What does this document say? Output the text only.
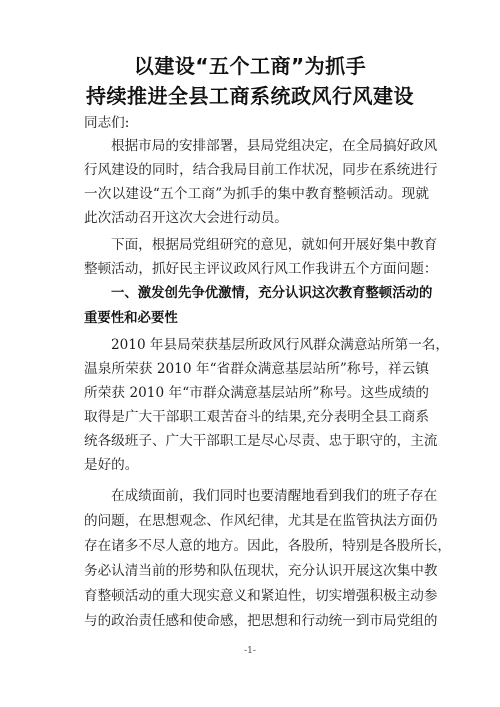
以建设“五个工商”为抓手
持续推进全县工商系统政风行风建设
同志们:
根据市局的安排部署，县局党组决定，在全局搞好政风
行风建设的同时，结合我局目前工作状况，同步在系统进行
一次以建设“五个工商”为抓手的集中教育整顿活动。现就
此次活动召开这次大会进行动员。
下面，根据局党组研究的意见，就如何开展好集中教育
整顿活动，抓好民主评议政风行风工作我讲五个方面问题：
一、激发创先争优激情，充分认识这次教育整顿活动的
重要性和必要性
2010 年县局荣获基层所政风行风群众满意站所第一名，
温泉所荣获 2010 年“省群众满意基层站所”称号，祥云镇
所荣获 2010 年“市群众满意基层站所”称号。这些成绩的
取得是广大干部职工艰苦奋斗的结果,充分表明全县工商系
统各级班子、广大干部职工是尽心尽责、忠于职守的，主流
是好的。
在成绩面前，我们同时也要清醒地看到我们的班子存在
的问题，在思想观念、作风纪律，尤其是在监管执法方面仍
存在诸多不尽人意的地方。因此，各股所，特别是各股所长，
务必认清当前的形势和队伍现状，充分认识开展这次集中教
育整顿活动的重大现实意义和紧迫性，切实增强积极主动参
与的政治责任感和使命感，把思想和行动统一到市局党组的
-1-
